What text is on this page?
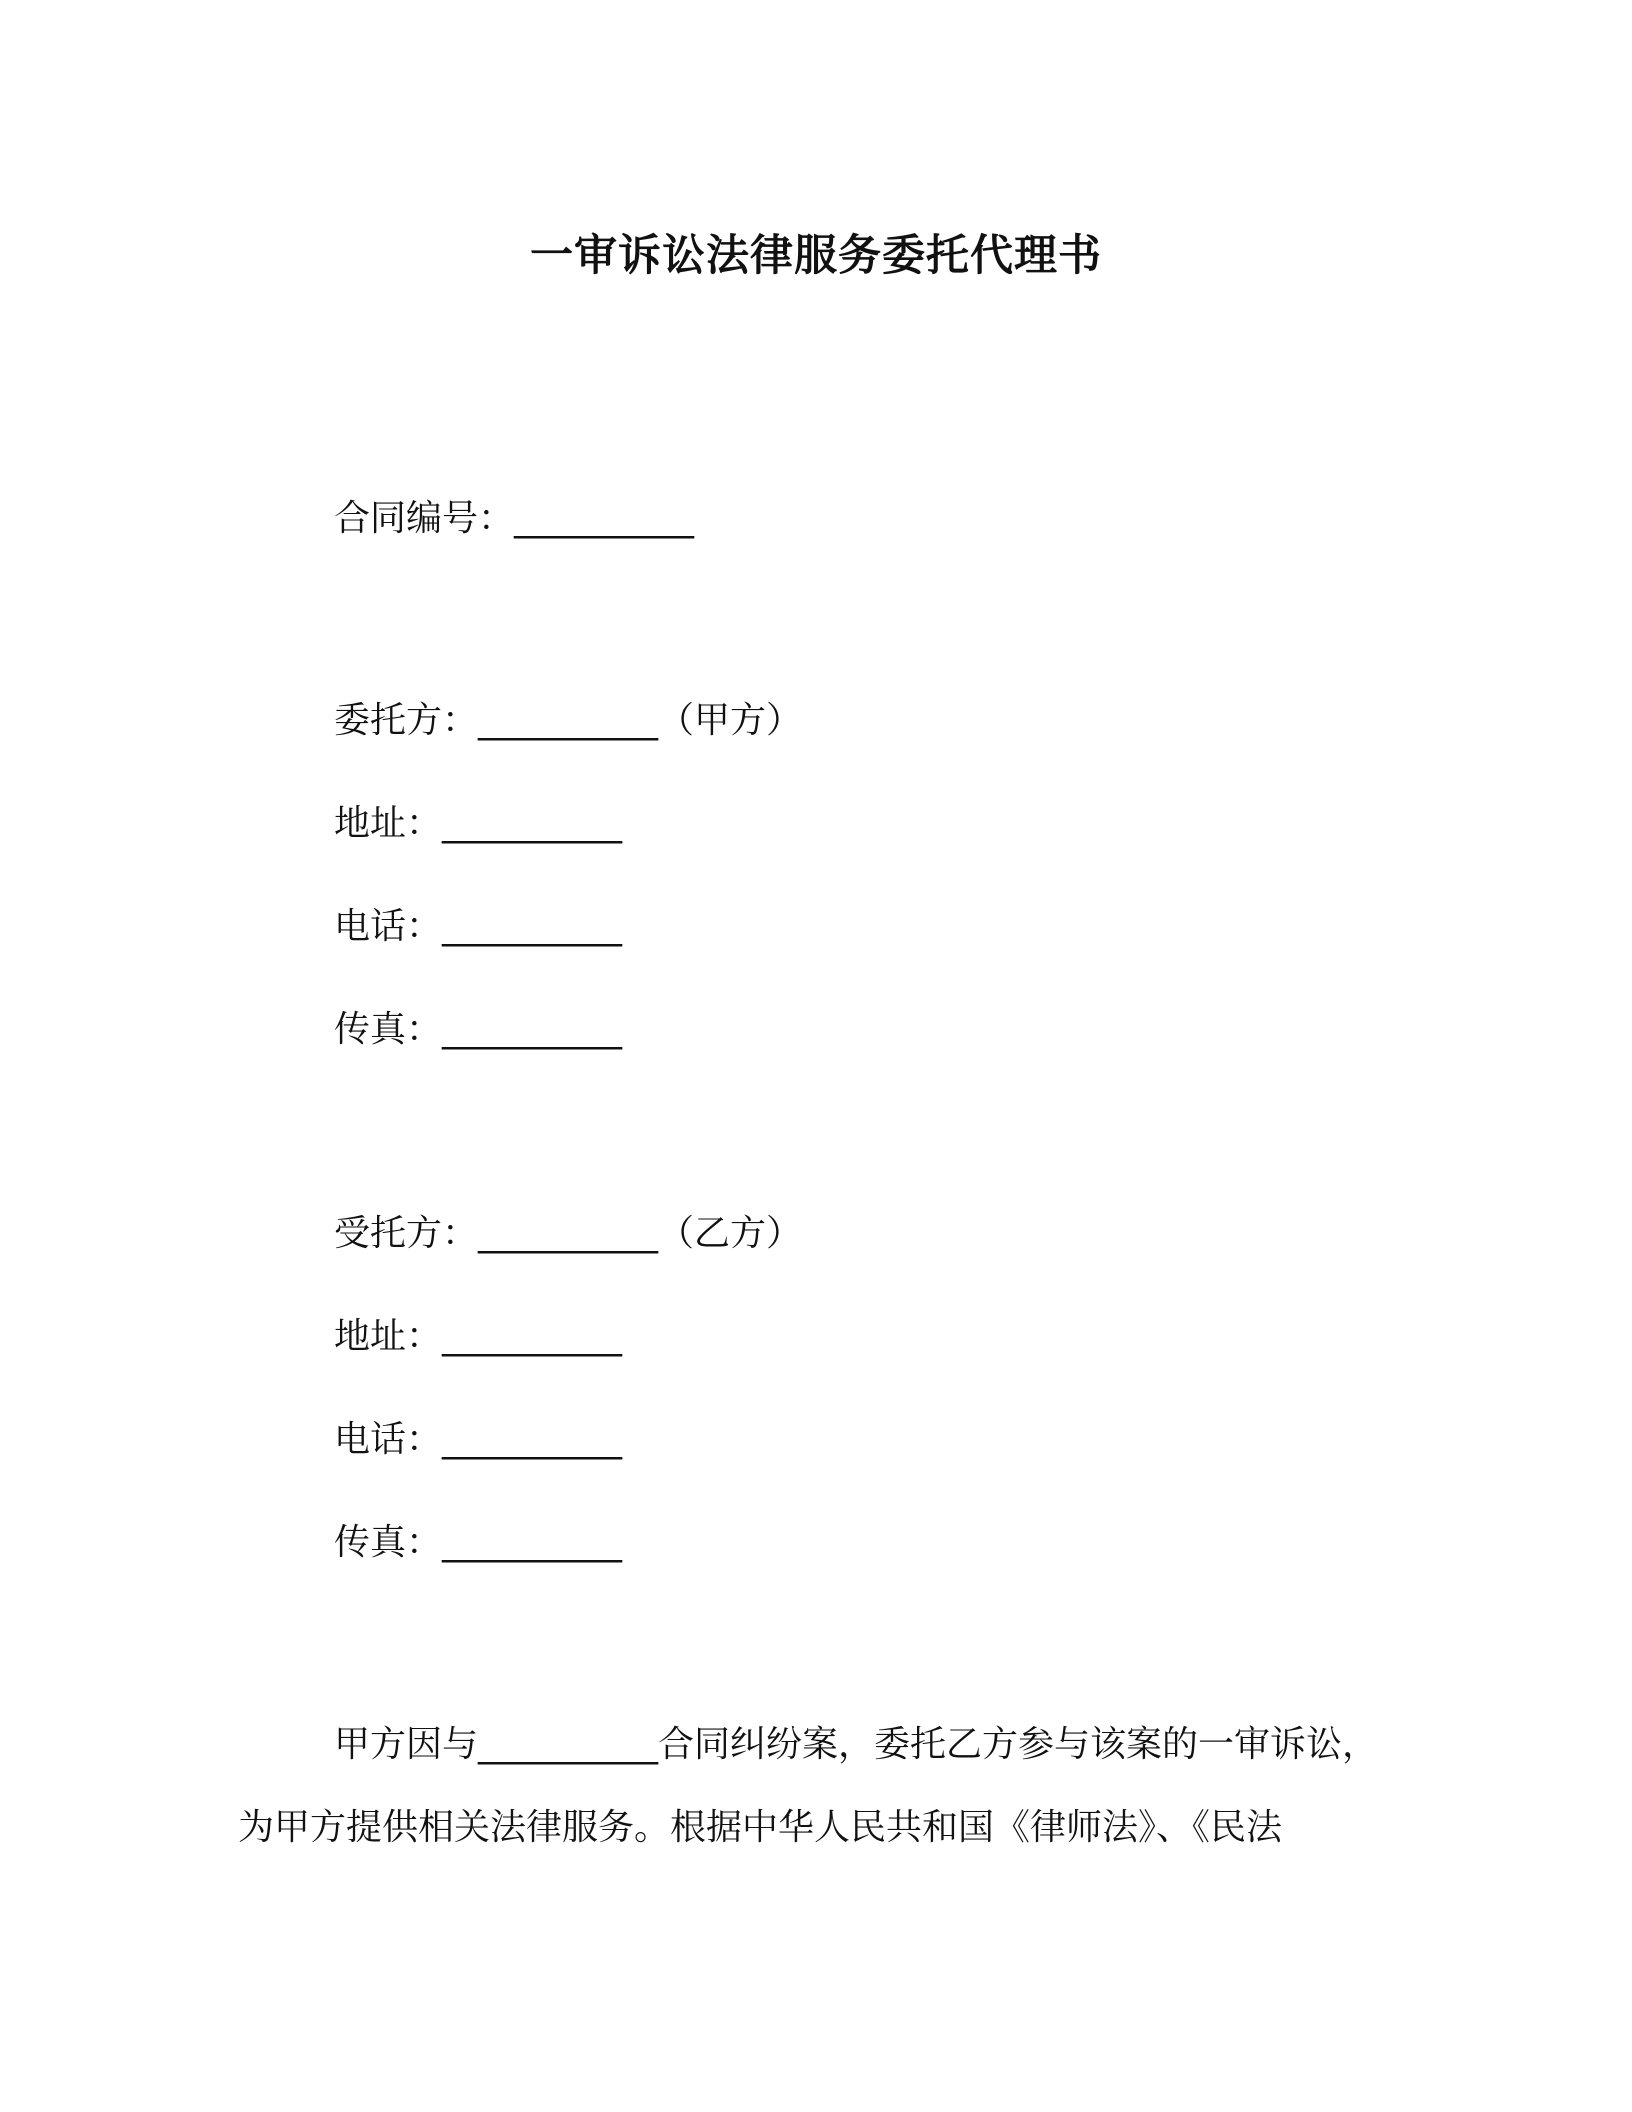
一审诉讼法律服务委托代理书
合同编号：__________
委托方：__________（甲方）
地址：__________
电话：__________
传真：__________
受托方：__________（乙方）
地址：__________
电话：__________
传真：__________
甲方因与__________合同纠纷案，委托乙方参与该案的一审诉讼，
为甲方提供相关法律服务。根据中华人民共和国《律师法》、《民法
